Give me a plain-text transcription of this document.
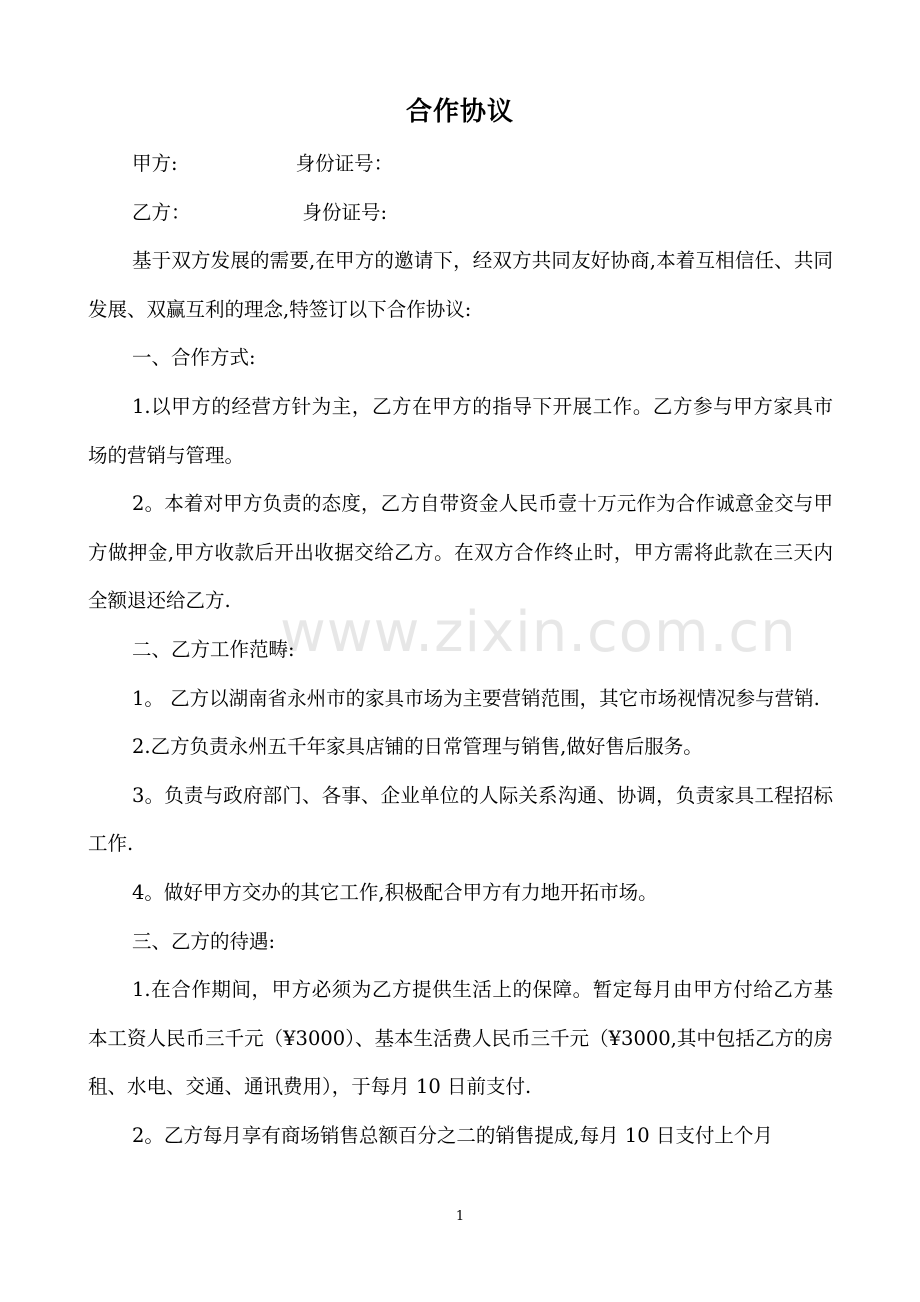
合作协议

甲方:	身份证号：

乙方：	身份证号:

基于双方发展的需要,在甲方的邀请下，经双方共同友好协商,本着互相信任、共同发展、双赢互利的理念,特签订以下合作协议:

一、合作方式:

1.以甲方的经营方针为主，乙方在甲方的指导下开展工作。乙方参与甲方家具市场的营销与管理。

2。本着对甲方负责的态度，乙方自带资金人民币壹十万元作为合作诚意金交与甲方做押金,甲方收款后开出收据交给乙方。在双方合作终止时，甲方需将此款在三天内全额退还给乙方.

二、乙方工作范畴:

1。 乙方以湖南省永州市的家具市场为主要营销范围，其它市场视情况参与营销.

2.乙方负责永州五千年家具店铺的日常管理与销售,做好售后服务。

3。负责与政府部门、各事、企业单位的人际关系沟通、协调，负责家具工程招标工作.

4。做好甲方交办的其它工作,积极配合甲方有力地开拓市场。

三、乙方的待遇:

1.在合作期间，甲方必须为乙方提供生活上的保障。暂定每月由甲方付给乙方基本工资人民币三千元（¥3000）、基本生活费人民币三千元（¥3000,其中包括乙方的房租、水电、交通、通讯费用），于每月 10 日前支付.

2。乙方每月享有商场销售总额百分之二的销售提成,每月 10 日支付上个月

www.zixin.com.cn
1
